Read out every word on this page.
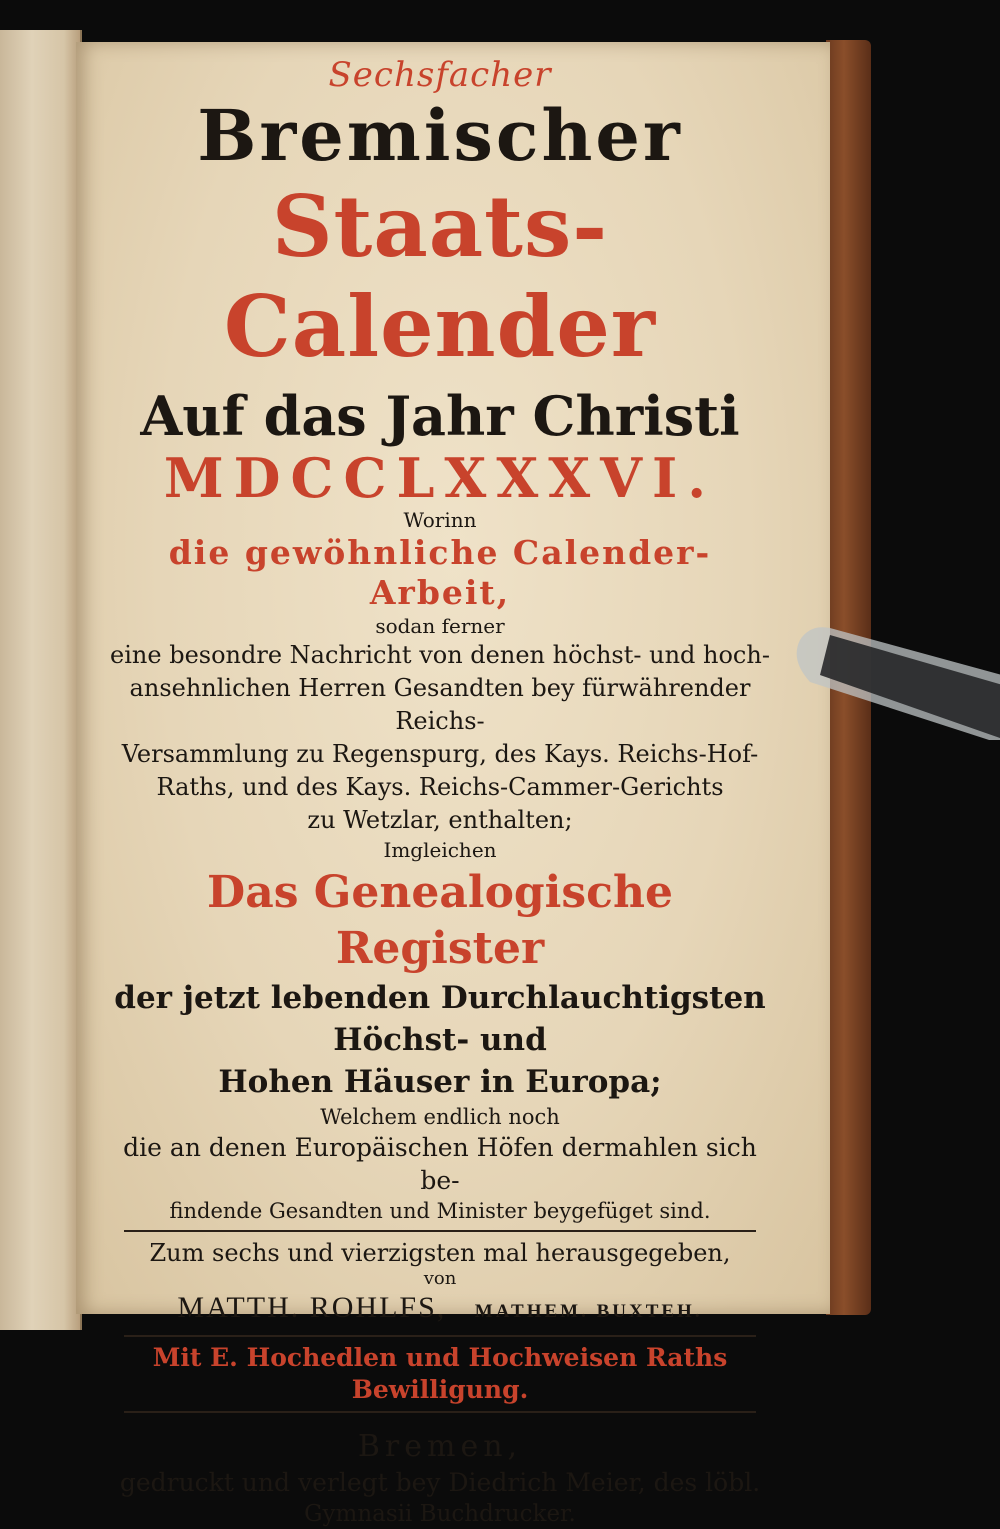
Sechsfacher
Bremischer
Staats-Calender
Auf das Jahr Christi
MDCCLXXXVI.
Worinn
die gewöhnliche Calender-Arbeit,
sodan ferner
eine besondre Nachricht von denen höchst- und hoch-
ansehnlichen Herren Gesandten bey fürwährender Reichs-
Versammlung zu Regenspurg, des Kays. Reichs-Hof-
Raths, und des Kays. Reichs-Cammer-Gerichts
zu Wetzlar, enthalten;
Imgleichen
Das Genealogische Register
der jetzt lebenden Durchlauchtigsten Höchst- und
Hohen Häuser in Europa;
Welchem endlich noch
die an denen Europäischen Höfen dermahlen sich be-
findende Gesandten und Minister beygefüget sind.
Zum sechs und vierzigsten mal herausgegeben,
von
MATTH. ROHLFS, MATHEM. BUXTEH.
Mit E. Hochedlen und Hochweisen Raths Bewilligung.
Bremen,
gedruckt und verlegt bey Diedrich Meier, des löbl.
Gymnasii Buchdrucker.
